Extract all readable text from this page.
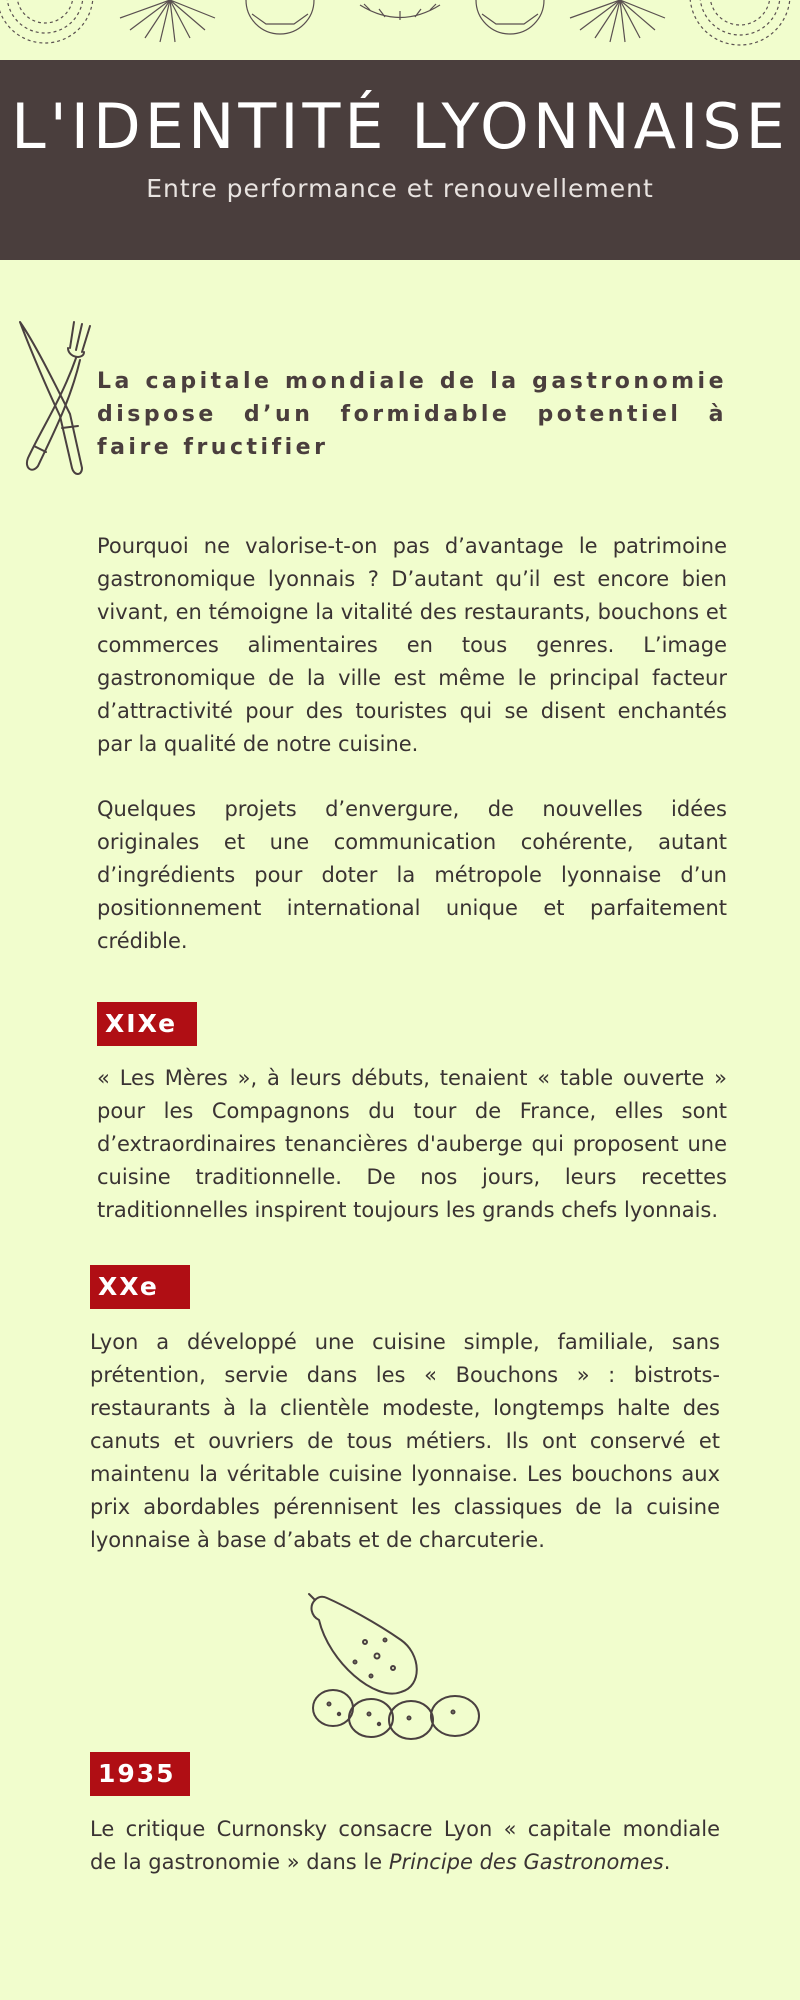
L'IDENTITÉ LYONNAISE
Entre performance et renouvellement

La capitale mondiale de la gastronomie dispose d’un formidable potentiel à faire fructifier

Pourquoi ne valorise-t-on pas d’avantage le patrimoine gastronomique lyonnais ? D’autant qu’il est encore bien vivant, en témoigne la vitalité des restaurants, bouchons et commerces alimentaires en tous genres. L’image gastronomique de la ville est même le principal facteur d’attractivité pour des touristes qui se disent enchantés par la qualité de notre cuisine.

Quelques projets d’envergure, de nouvelles idées originales et une communication cohérente, autant d’ingrédients pour doter la métropole lyonnaise d’un positionnement international unique et parfaitement crédible.

XIXe

« Les Mères », à leurs débuts, tenaient « table ouverte » pour les Compagnons du tour de France, elles sont d’extraordinaires tenancières d'auberge qui proposent une cuisine traditionnelle. De nos jours, leurs recettes traditionnelles inspirent toujours les grands chefs lyonnais.

XXe

Lyon a développé une cuisine simple, familiale, sans prétention, servie dans les « Bouchons » : bistrots-restaurants à la clientèle modeste, longtemps halte des canuts et ouvriers de tous métiers. Ils ont conservé et maintenu la véritable cuisine lyonnaise. Les bouchons aux prix abordables pérennisent les classiques de la cuisine lyonnaise à base d’abats et de charcuterie.

1935

Le critique Curnonsky consacre Lyon « capitale mondiale de la gastronomie » dans le Principe des Gastronomes.
